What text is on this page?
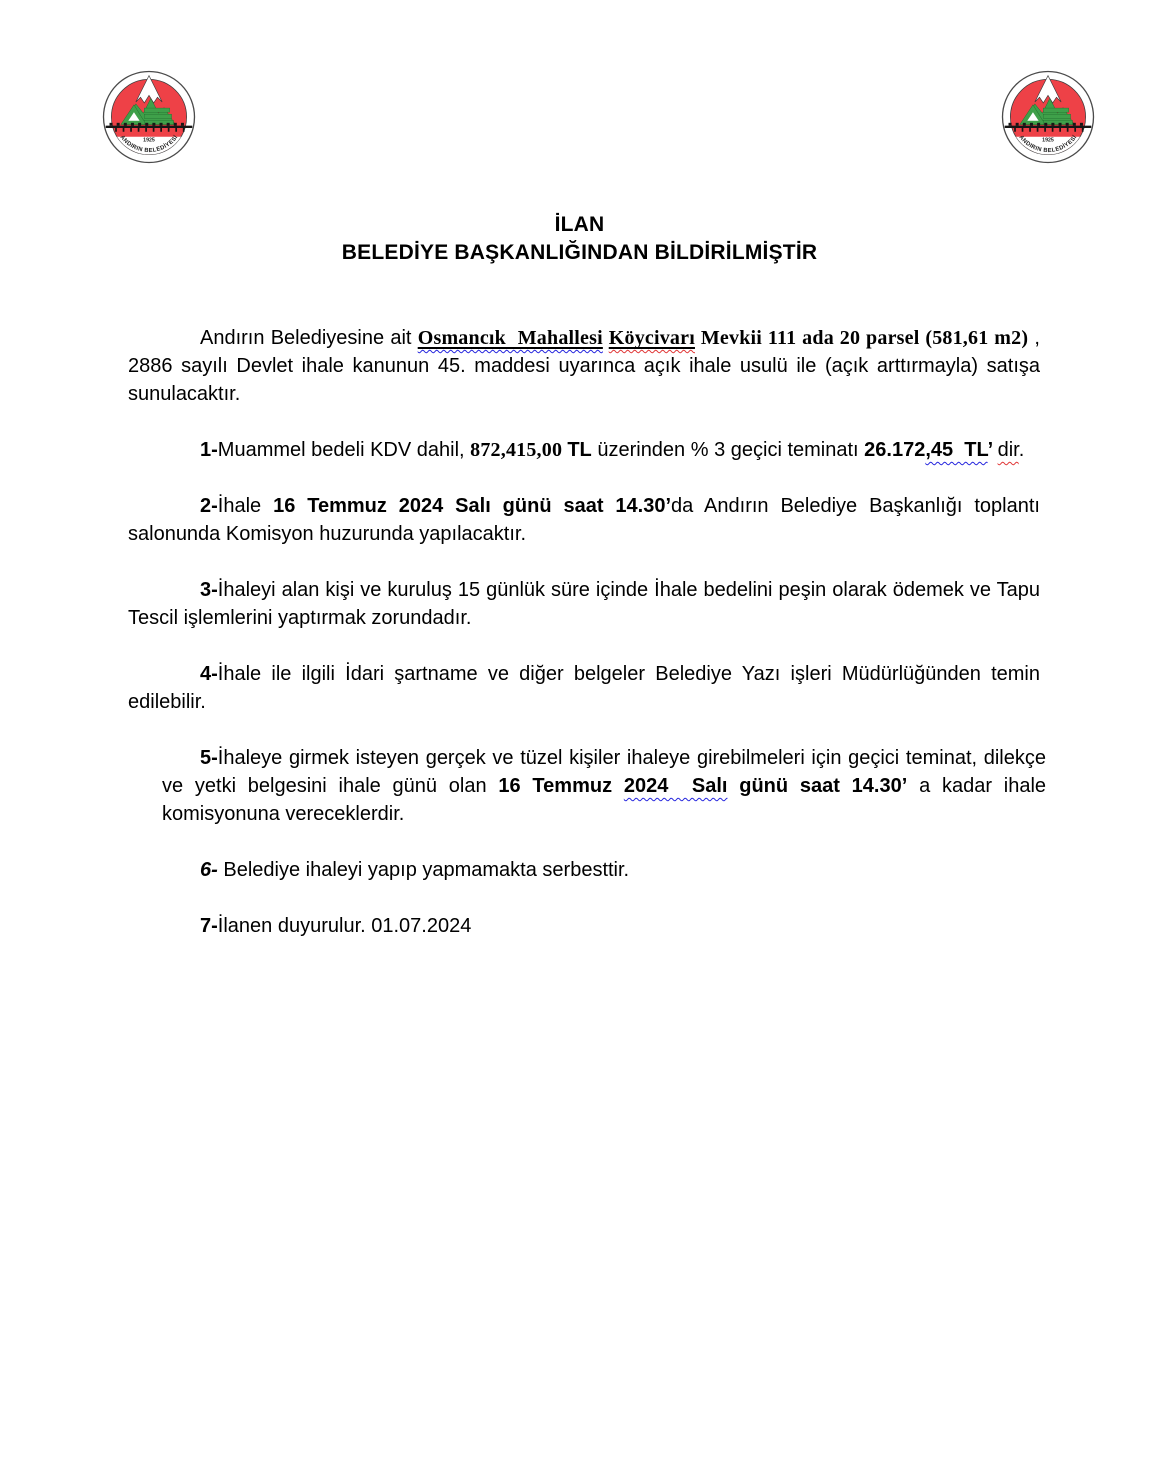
1925
ANDIRIN BELEDİYESİ
1925
ANDIRIN BELEDİYESİ
İLAN
BELEDİYE BAŞKANLIĞINDAN BİLDİRİLMİŞTİR

Andırın Belediyesine ait Osmancık  Mahallesi Köycivarı Mevkii 111 ada 20 parsel (581,61 m2) , 2886 sayılı Devlet ihale kanunun 45. maddesi uyarınca açık ihale usulü ile (açık arttırmayla) satışa sunulacaktır.

1-Muammel bedeli KDV dahil, 872,415,00 TL üzerinden % 3 geçici teminatı 26.172,45  TL’ dir.

2-İhale 16 Temmuz 2024 Salı günü saat 14.30’da Andırın Belediye Başkanlığı toplantı salonunda Komisyon huzurunda yapılacaktır.

3-İhaleyi alan kişi ve kuruluş 15 günlük süre içinde İhale bedelini peşin olarak ödemek ve Tapu Tescil işlemlerini yaptırmak zorundadır.

4-İhale ile ilgili İdari şartname ve diğer belgeler Belediye Yazı işleri Müdürlüğünden temin edilebilir.

5-İhaleye girmek isteyen gerçek ve tüzel kişiler ihaleye girebilmeleri için geçici teminat, dilekçe ve yetki belgesini ihale günü olan 16 Temmuz 2024  Salı günü saat 14.30’ a kadar ihale komisyonuna vereceklerdir.

6- Belediye ihaleyi yapıp yapmamakta serbesttir.

7-İlanen duyurulur. 01.07.2024
